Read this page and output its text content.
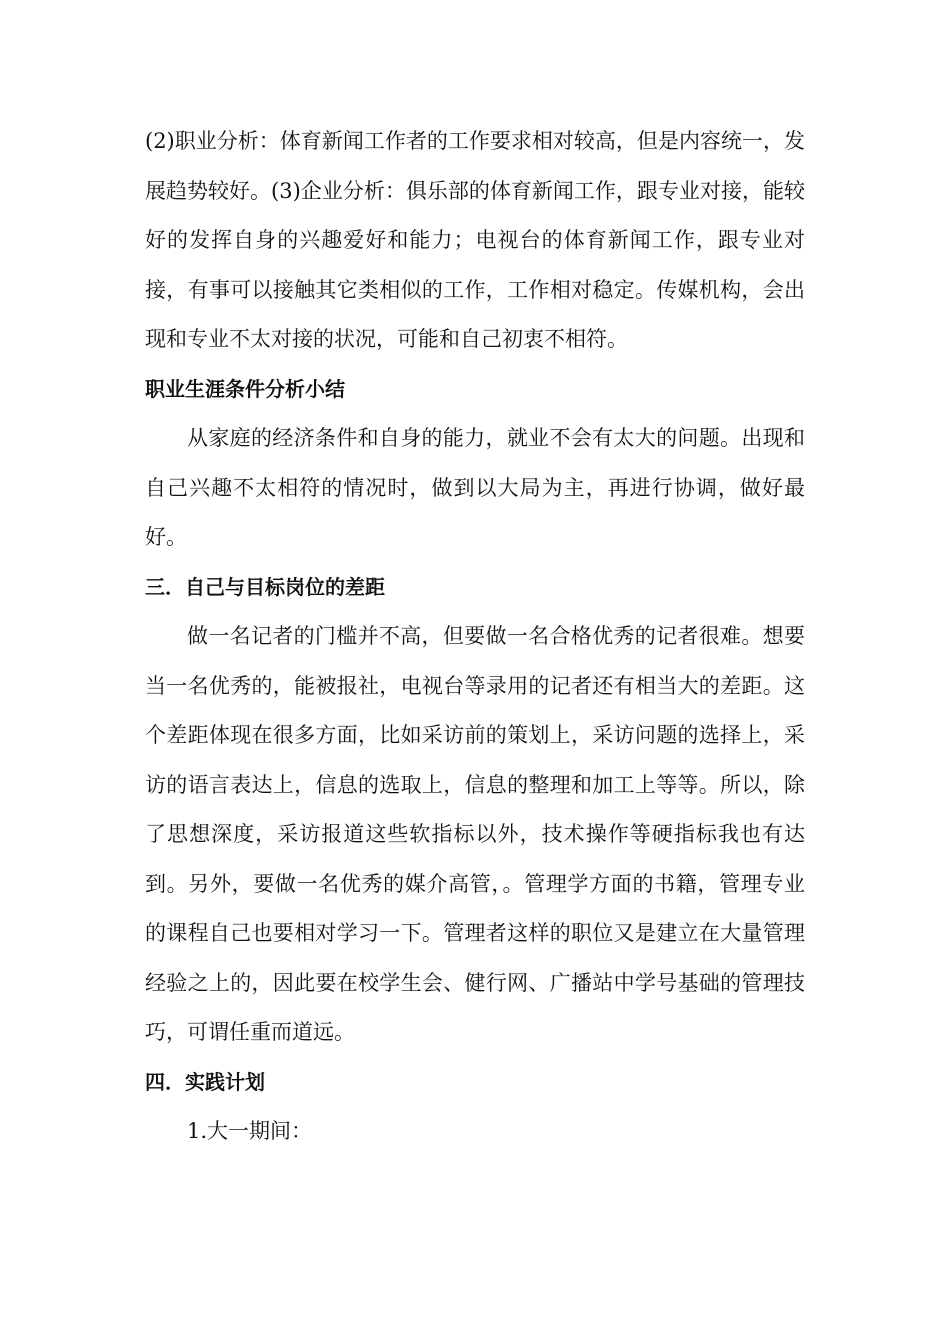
(2)职业分析：体育新闻工作者的工作要求相对较高，但是内容统一，发展趋势较好。(3)企业分析：俱乐部的体育新闻工作，跟专业对接，能较好的发挥自身的兴趣爱好和能力；电视台的体育新闻工作，跟专业对接，有事可以接触其它类相似的工作，工作相对稳定。传媒机构，会出现和专业不太对接的状况，可能和自己初衷不相符。

职业生涯条件分析小结

从家庭的经济条件和自身的能力，就业不会有太大的问题。出现和自己兴趣不太相符的情况时，做到以大局为主，再进行协调，做好最好。

三．自己与目标岗位的差距

做一名记者的门槛并不高，但要做一名合格优秀的记者很难。想要当一名优秀的，能被报社，电视台等录用的记者还有相当大的差距。这个差距体现在很多方面，比如采访前的策划上，采访问题的选择上，采访的语言表达上，信息的选取上，信息的整理和加工上等等。所以，除了思想深度，采访报道这些软指标以外，技术操作等硬指标我也有达到。另外，要做一名优秀的媒介高管，。管理学方面的书籍，管理专业的课程自己也要相对学习一下。管理者这样的职位又是建立在大量管理经验之上的，因此要在校学生会、健行网、广播站中学号基础的管理技巧，可谓任重而道远。

四．实践计划

1.大一期间：
